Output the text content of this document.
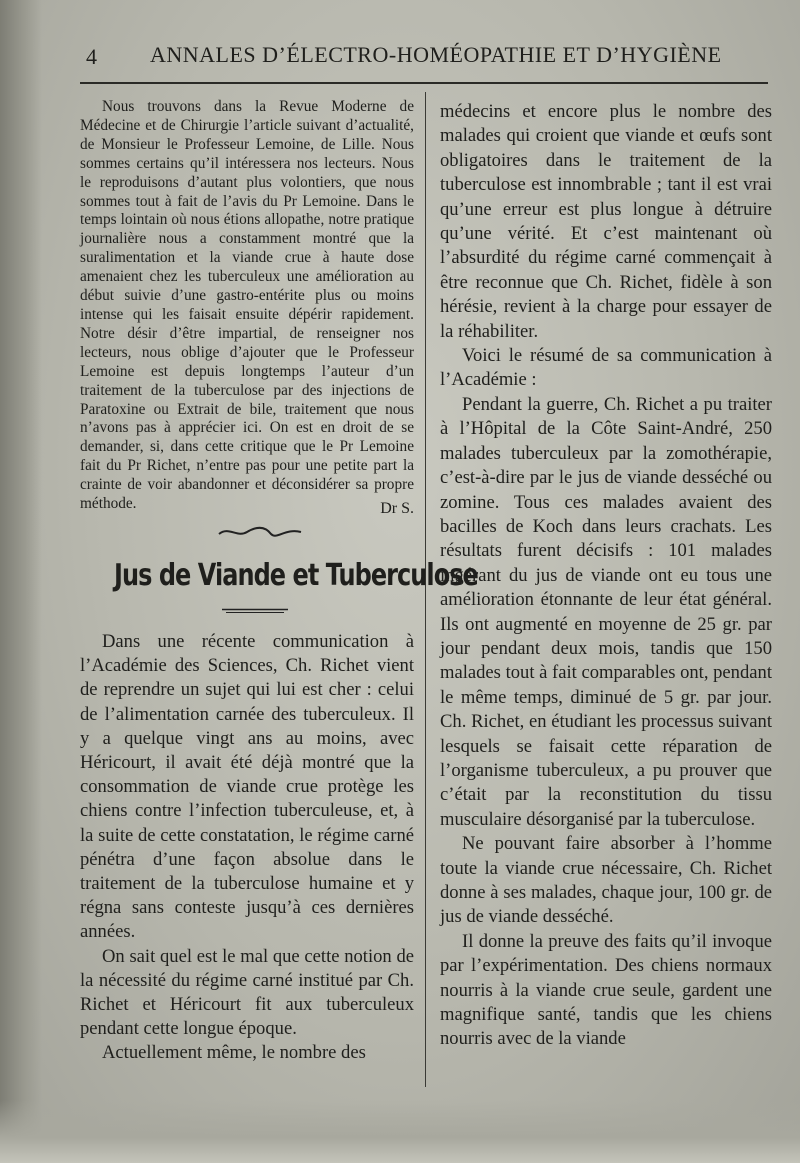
4	ANNALES D’ÉLECTRO-HOMÉOPATHIE ET D’HYGIÈNE

Nous trouvons dans la Revue Moderne de Médecine et de Chirurgie l’article suivant d’actualité, de Monsieur le Professeur Lemoine, de Lille. Nous sommes certains qu’il intéressera nos lecteurs. Nous le reproduisons d’autant plus volontiers, que nous sommes tout à fait de l’avis du Pr Lemoine. Dans le temps lointain où nous étions allopathe, notre pratique journalière nous a constamment montré que la suralimentation et la viande crue à haute dose amenaient chez les tuberculeux une amélioration au début suivie d’une gastro-entérite plus ou moins intense qui les faisait ensuite dépérir rapidement. Notre désir d’être impartial, de renseigner nos lecteurs, nous oblige d’ajouter que le Professeur Lemoine est depuis longtemps l’auteur d’un traitement de la tuberculose par des injections de Paratoxine ou Extrait de bile, traitement que nous n’avons pas à apprécier ici. On est en droit de se demander, si, dans cette critique que le Pr Lemoine fait du Pr Richet, n’entre pas pour une petite part la crainte de voir abandonner et déconsidérer sa propre méthode.	Dr S.
Jus de Viande et Tuberculose

Dans une récente communication à l’Académie des Sciences, Ch. Richet vient de reprendre un sujet qui lui est cher : celui de l’alimentation carnée des tuberculeux. Il y a quelque vingt ans au moins, avec Héricourt, il avait été déjà montré que la consommation de viande crue protège les chiens contre l’infection tuberculeuse, et, à la suite de cette constatation, le régime carné pénétra d’une façon absolue dans le traitement de la tuberculose humaine et y régna sans conteste jusqu’à ces dernières années.

On sait quel est le mal que cette notion de la nécessité du régime carné institué par Ch. Richet et Héricourt fit aux tuberculeux pendant cette longue époque.

Actuellement même, le nombre des

médecins et encore plus le nombre des malades qui croient que viande et œufs sont obligatoires dans le traitement de la tuberculose est innombrable ; tant il est vrai qu’une erreur est plus longue à détruire qu’une vérité. Et c’est maintenant où l’absurdité du régime carné commençait à être reconnue que Ch. Richet, fidèle à son hérésie, revient à la charge pour essayer de la réhabiliter.

Voici le résumé de sa communication à l’Académie :

Pendant la guerre, Ch. Richet a pu traiter à l’Hôpital de la Côte Saint-André, 250 malades tuberculeux par la zomothérapie, c’est-à-dire par le jus de viande desséché ou zomine. Tous ces malades avaient des bacilles de Koch dans leurs crachats. Les résultats furent décisifs : 101 malades ingérant du jus de viande ont eu tous une amélioration étonnante de leur état général. Ils ont augmenté en moyenne de 25 gr. par jour pendant deux mois, tandis que 150 malades tout à fait comparables ont, pendant le même temps, diminué de 5 gr. par jour. Ch. Richet, en étudiant les processus suivant lesquels se faisait cette réparation de l’organisme tuberculeux, a pu prouver que c’était par la reconstitution du tissu musculaire désorganisé par la tuberculose.

Ne pouvant faire absorber à l’homme toute la viande crue nécessaire, Ch. Richet donne à ses malades, chaque jour, 100 gr. de jus de viande desséché.

Il donne la preuve des faits qu’il invoque par l’expérimentation. Des chiens normaux nourris à la viande crue seule, gardent une magnifique santé, tandis que les chiens nourris avec de la viande
